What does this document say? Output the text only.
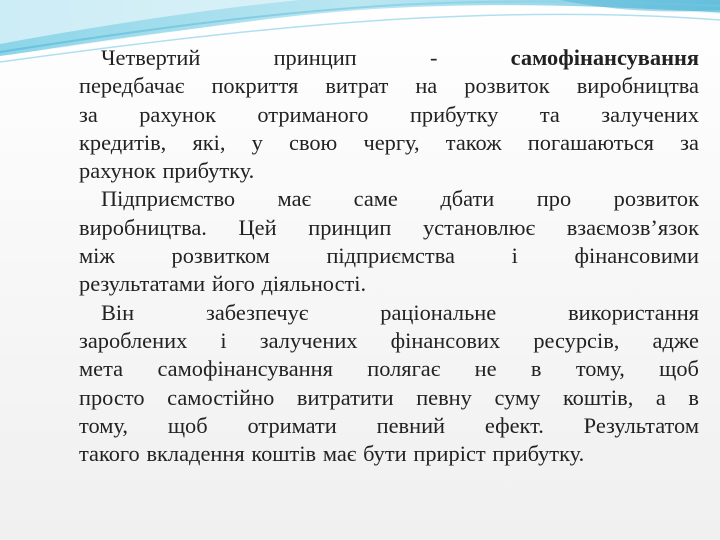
Четвертий	принцип	-	самофінансування
передбачає покриття витрат на розвиток виробництва
за рахунок отриманого прибутку та залучених
кредитів, які, у свою чергу, також погашаються за
рахунок прибутку.
Підприємство має саме дбати про розвиток
виробництва. Цей принцип установлює взаємозв’язок
між	розвитком	підприємства	і	фінансовими
результатами його діяльності.
Він	забезпечує	раціональне	використання
зароблених і залучених фінансових ресурсів, адже
мета самофінансування полягає не в тому, щоб
просто самостійно витратити певну суму коштів, а в
тому, щоб отримати певний ефект. Результатом
такого вкладення коштів має бути приріст прибутку.
